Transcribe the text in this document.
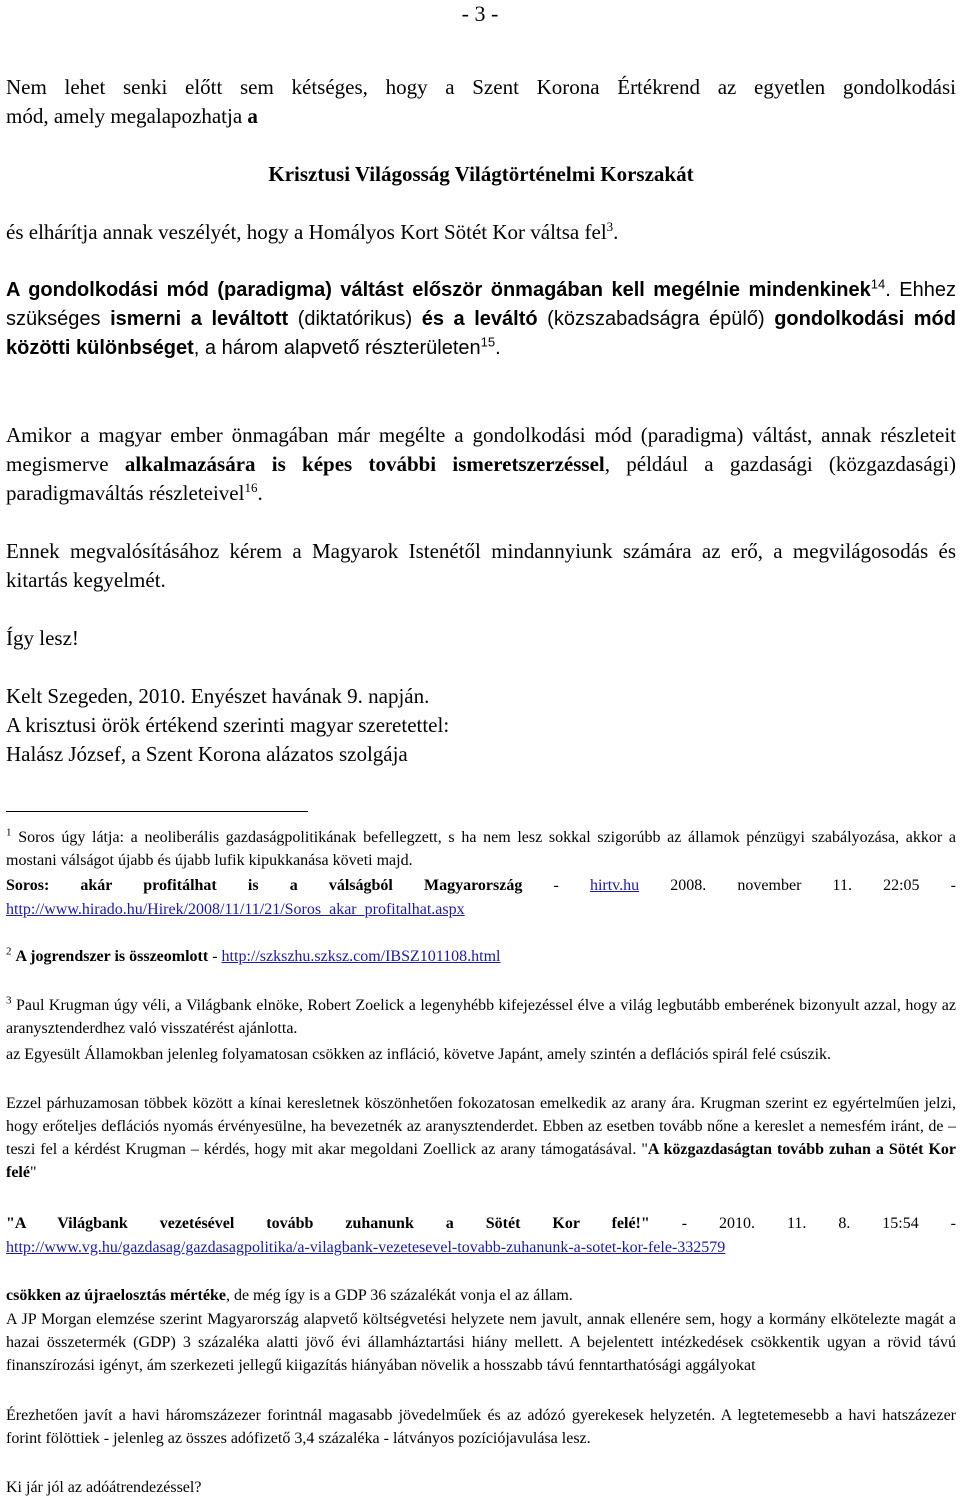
- 3 -
Nem lehet senki előtt sem kétséges, hogy a Szent Korona Értékrend az egyetlen gondolkodási
mód, amely megalapozhatja a
Krisztusi Világosság Világtörténelmi Korszakát
és elhárítja annak veszélyét, hogy a Homályos Kort Sötét Kor váltsa fel$^3$.
A gondolkodási mód (paradigma) váltást először önmagában kell megélnie mindenkinek$^{14}$. Ehhez szükséges ismerni a leváltott (diktatórikus) és a leváltó (közszabadságra épülő) gondolkodási mód közötti különbséget, a három alapvető részterületen$^{15}$.
Amikor a magyar ember önmagában már megélte a gondolkodási mód (paradigma) váltást, annak részleteit megismerve alkalmazására is képes további ismeretszerzéssel, például a gazdasági (közgazdasági) paradigmaváltás részleteivel$^{16}$.
Ennek megvalósításához kérem a Magyarok Istenétől mindannyiunk számára az erő, a megvilágosodás és kitartás kegyelmét.
Így lesz!
Kelt Szegeden, 2010. Enyészet havának 9. napján.
A krisztusi örök értékend szerinti magyar szeretettel:
Halász József, a Szent Korona alázatos szolgája
$^1$ Soros úgy látja: a neoliberális gazdaságpolitikának befellegzett, s ha nem lesz sokkal szigorúbb az államok pénzügyi szabályozása, akkor a mostani válságot újabb és újabb lufik kipukkanása követi majd.
Soros: akár profitálhat is a válságból Magyarország - hirtv.hu 2008. november 11. 22:05 -
http://www.hirado.hu/Hirek/2008/11/11/21/Soros_akar_profitalhat.aspx
$^2$ A jogrendszer is összeomlott - http://szkszhu.szksz.com/IBSZ101108.html
$^3$ Paul Krugman úgy véli, a Világbank elnöke, Robert Zoelick a legenyhébb kifejezéssel élve a világ legbutább emberének bizonyult azzal, hogy az aranysztenderdhez való visszatérést ajánlotta.
az Egyesült Államokban jelenleg folyamatosan csökken az infláció, követve Japánt, amely szintén a deflációs spirál felé csúszik.
Ezzel párhuzamosan többek között a kínai keresletnek köszönhetően fokozatosan emelkedik az arany ára. Krugman szerint ez egyértelműen jelzi, hogy erőteljes deflációs nyomás érvényesülne, ha bevezetnék az aranysztenderdet. Ebben az esetben tovább nőne a kereslet a nemesfém iránt, de – teszi fel a kérdést Krugman – kérdés, hogy mit akar megoldani Zoellick az arany támogatásával. "A közgazdaságtan tovább zuhan a Sötét Kor felé"
"A Világbank vezetésével tovább zuhanunk a Sötét Kor felé!" - 2010. 11. 8. 15:54 -
http://www.vg.hu/gazdasag/gazdasagpolitika/a-vilagbank-vezetesevel-tovabb-zuhanunk-a-sotet-kor-fele-332579
csökken az újraelosztás mértéke, de még így is a GDP 36 százalékát vonja el az állam.
A JP Morgan elemzése szerint Magyarország alapvető költségvetési helyzete nem javult, annak ellenére sem, hogy a kormány elkötelezte magát a hazai összetermék (GDP) 3 százaléka alatti jövő évi államháztartási hiány mellett. A bejelentett intézkedések csökkentik ugyan a rövid távú finanszírozási igényt, ám szerkezeti jellegű kiigazítás hiányában növelik a hosszabb távú fenntarthatósági aggályokat
Érezhetően javít a havi háromszázezer forintnál magasabb jövedelműek és az adózó gyerekesek helyzetén. A legtetemesebb a havi hatszázezer forint fölöttiek - jelenleg az összes adófizető 3,4 százaléka - látványos pozíciójavulása lesz.
Ki jár jól az adóátrendezéssel?
